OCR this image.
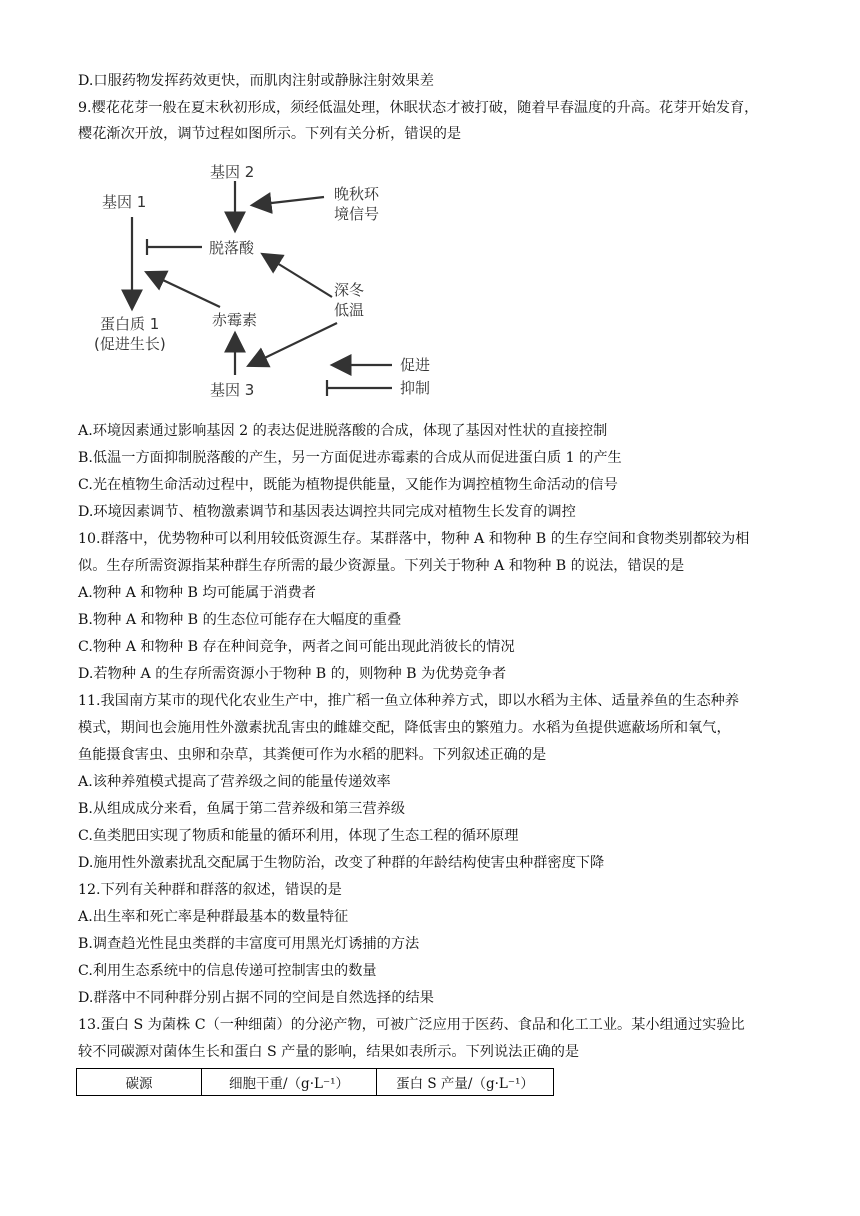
D.口服药物发挥药效更快，而肌肉注射或静脉注射效果差
9.樱花花芽一般在夏末秋初形成，须经低温处理，休眠状态才被打破，随着早春温度的升高。花芽开始发育，
樱花渐次开放，调节过程如图所示。下列有关分析，错误的是
A.环境因素通过影响基因 2 的表达促进脱落酸的合成，体现了基因对性状的直接控制
B.低温一方面抑制脱落酸的产生，另一方面促进赤霉素的合成从而促进蛋白质 1 的产生
C.光在植物生命活动过程中，既能为植物提供能量，又能作为调控植物生命活动的信号
D.环境因素调节、植物激素调节和基因表达调控共同完成对植物生长发育的调控
10.群落中，优势物种可以利用较低资源生存。某群落中，物种 A 和物种 B 的生存空间和食物类别都较为相
似。生存所需资源指某种群生存所需的最少资源量。下列关于物种 A 和物种 B 的说法，错误的是
A.物种 A 和物种 B 均可能属于消费者
B.物种 A 和物种 B 的生态位可能存在大幅度的重叠
C.物种 A 和物种 B 存在种间竞争，两者之间可能出现此消彼长的情况
D.若物种 A 的生存所需资源小于物种 B 的，则物种 B 为优势竞争者
11.我国南方某市的现代化农业生产中，推广稻一鱼立体种养方式，即以水稻为主体、适量养鱼的生态种养
模式，期间也会施用性外激素扰乱害虫的雌雄交配，降低害虫的繁殖力。水稻为鱼提供遮蔽场所和氧气，
鱼能摄食害虫、虫卵和杂草，其粪便可作为水稻的肥料。下列叙述正确的是
A.该种养殖模式提高了营养级之间的能量传递效率
B.从组成成分来看，鱼属于第二营养级和第三营养级
C.鱼类肥田实现了物质和能量的循环利用，体现了生态工程的循环原理
D.施用性外激素扰乱交配属于生物防治，改变了种群的年龄结构使害虫种群密度下降
12.下列有关种群和群落的叙述，错误的是
A.出生率和死亡率是种群最基本的数量特征
B.调查趋光性昆虫类群的丰富度可用黑光灯诱捕的方法
C.利用生态系统中的信息传递可控制害虫的数量
D.群落中不同种群分别占据不同的空间是自然选择的结果
13.蛋白 S 为菌株 C（一种细菌）的分泌产物，可被广泛应用于医药、食品和化工工业。某小组通过实验比
较不同碳源对菌体生长和蛋白 S 产量的影响，结果如表所示。下列说法正确的是
基因 2
基因 1	晚秋环
境信号
脱落酸
深冬
低温
赤霉素
蛋白质 1
(促进生长)
基因 3
促进
抑制
碳源	细胞干重/（g·L⁻¹）	蛋白 S 产量/（g·L⁻¹）
